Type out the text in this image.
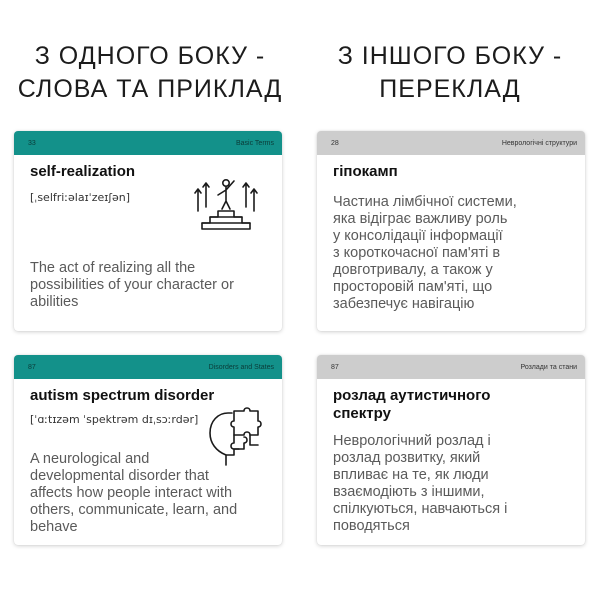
З ОДНОГО БОКУ -
СЛОВА ТА ПРИКЛАД
З ІНШОГО БОКУ -
ПЕРЕКЛАД
33	Basic Terms
self-realization
[ˌselfriːəlaɪˈzeɪʃən]
The act of realizing all the
possibilities of your character or
abilities
28	Неврологічні структури
гіпокамп
Частина лімбічної системи,
яка відіграє важливу роль
у консолідації інформації
з короткочасної пам'яті в
довготривалу, а також у
просторовій пам'яті, що
забезпечує навігацію
87	Disorders and States
autism spectrum disorder
[ˈɑːtɪzəm ˈspektrəm dɪˌsɔːrdər]
A neurological and
developmental disorder that
affects how people interact with
others, communicate, learn, and
behave
87	Розлади та стани
розлад аутистичного
спектру
Неврологічний розлад і
розлад розвитку, який
впливає на те, як люди
взаємодіють з іншими,
спілкуються, навчаються і
поводяться
